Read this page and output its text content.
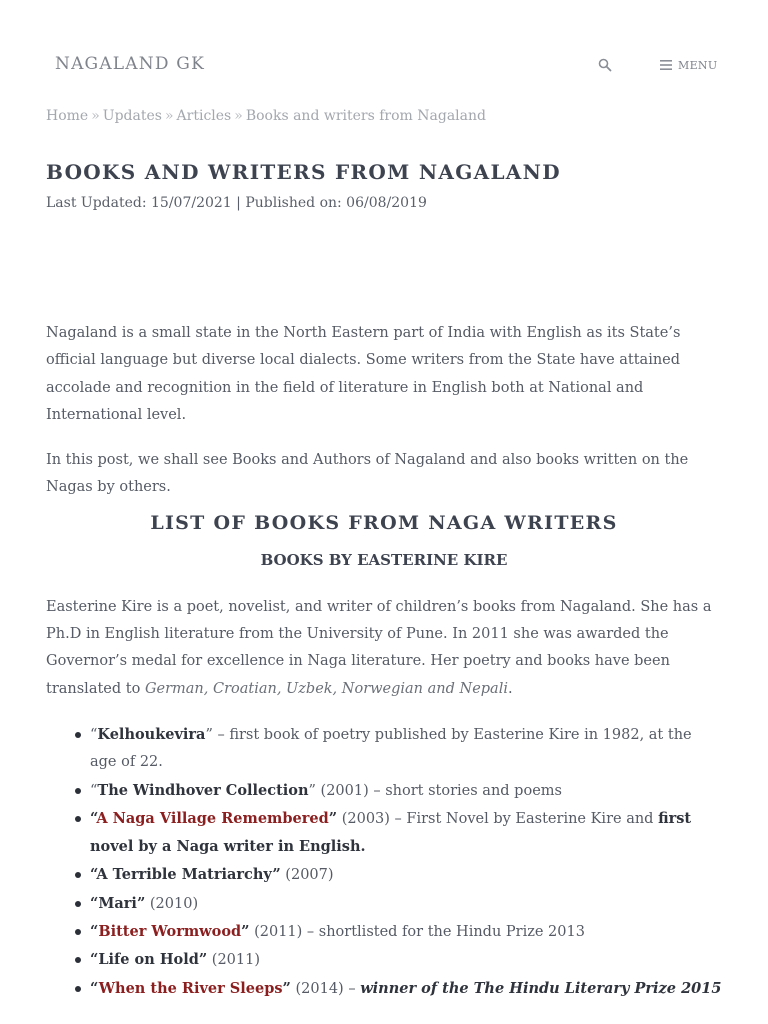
NAGALAND GK	MENU
Home » Updates » Articles » Books and writers from Nagaland
BOOKS AND WRITERS FROM NAGALAND
Last Updated: 15/07/2021 | Published on: 06/08/2019

Nagaland is a small state in the North Eastern part of India with English as its State’s official language but diverse local dialects. Some writers from the State have attained accolade and recognition in the field of literature in English both at National and International level.

In this post, we shall see Books and Authors of Nagaland and also books written on the Nagas by others.

LIST OF BOOKS FROM NAGA WRITERS
BOOKS BY EASTERINE KIRE

Easterine Kire is a poet, novelist, and writer of children’s books from Nagaland. She has a Ph.D in English literature from the University of Pune. In 2011 she was awarded the Governor’s medal for excellence in Naga literature. Her poetry and books have been translated to German, Croatian, Uzbek, Norwegian and Nepali.

“Kelhoukevira” – first book of poetry published by Easterine Kire in 1982, at the age of 22.
“The Windhover Collection” (2001) – short stories and poems
“A Naga Village Remembered” (2003) – First Novel by Easterine Kire and first novel by a Naga writer in English.
“A Terrible Matriarchy” (2007)
“Mari” (2010)
“Bitter Wormwood” (2011) – shortlisted for the Hindu Prize 2013
“Life on Hold” (2011)
“When the River Sleeps” (2014) – winner of the The Hindu Literary Prize 2015
